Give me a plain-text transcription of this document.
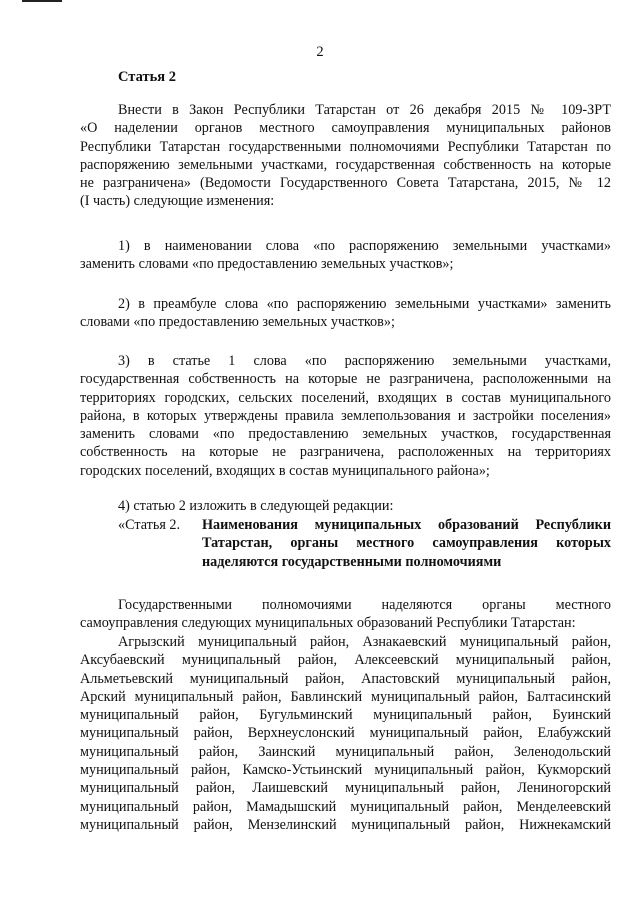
2

Статья 2

Внести в Закон Республики Татарстан от 26 декабря 2015 № 109-ЗРТ
«О наделении органов местного самоуправления муниципальных районов
Республики Татарстан государственными полномочиями Республики Татарстан по
распоряжению земельными участками, государственная собственность на которые
не разграничена» (Ведомости Государственного Совета Татарстана, 2015, № 12
(I часть) следующие изменения:
1) в наименовании слова «по распоряжению земельными участками»
заменить словами «по предоставлению земельных участков»;
2) в преамбуле слова «по распоряжению земельными участками» заменить
словами «по предоставлению земельных участков»;
3) в статье 1 слова «по распоряжению земельными участками,
государственная собственность на которые не разграничена, расположенными на
территориях городских, сельских поселений, входящих в состав муниципального
района, в которых утверждены правила землепользования и застройки поселения»
заменить словами «по предоставлению земельных участков, государственная
собственность на которые не разграничена, расположенных на территориях
городских поселений, входящих в состав муниципального района»;
4) статью 2 изложить в следующей редакции:
«Статья 2. Наименования муниципальных образований Республики
Татарстан, органы местного самоуправления которых
наделяются государственными полномочиями
Государственными полномочиями наделяются органы местного
самоуправления следующих муниципальных образований Республики Татарстан:
Агрызский муниципальный район, Азнакаевский муниципальный район,
Аксубаевский муниципальный район, Алексеевский муниципальный район,
Альметьевский муниципальный район, Апастовский муниципальный район,
Арский муниципальный район, Бавлинский муниципальный район, Балтасинский
муниципальный район, Бугульминский муниципальный район, Буинский
муниципальный район, Верхнеуслонский муниципальный район, Елабужский
муниципальный район, Заинский муниципальный район, Зеленодольский
муниципальный район, Камско-Устьинский муниципальный район, Кукморский
муниципальный район, Лаишевский муниципальный район, Лениногорский
муниципальный район, Мамадышский муниципальный район, Менделеевский
муниципальный район, Мензелинский муниципальный район, Нижнекамский
